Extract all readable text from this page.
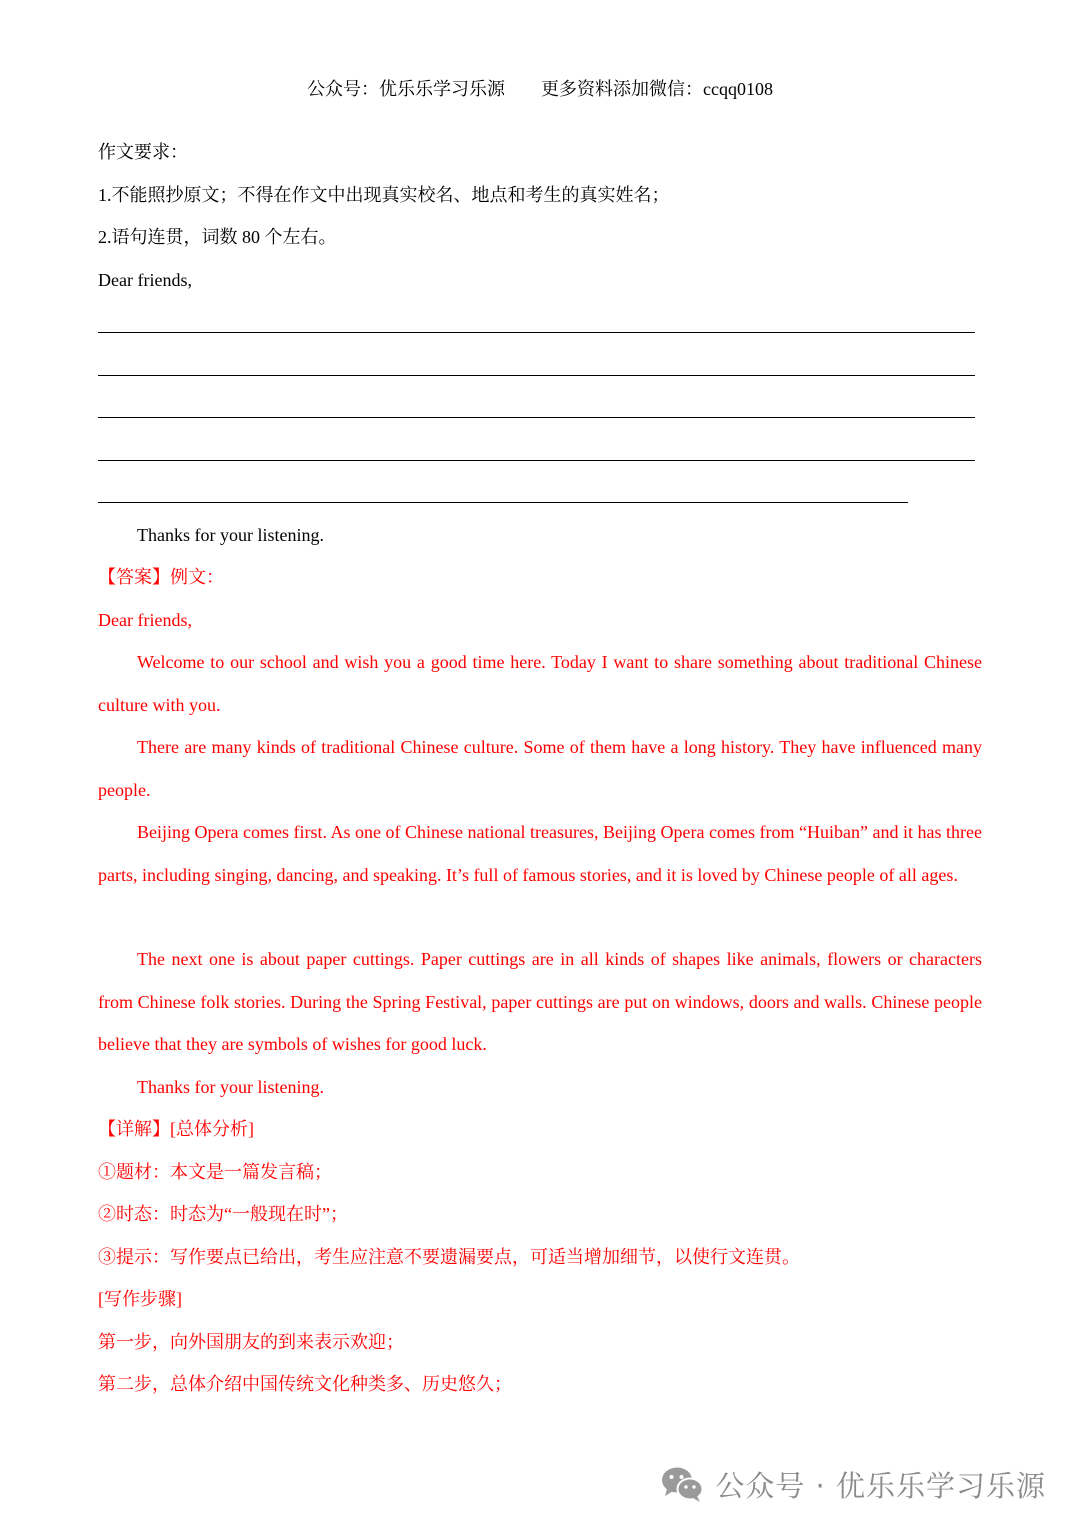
公众号：优乐乐学习乐源 更多资料添加微信：ccqq0108
作文要求：
1.不能照抄原文；不得在作文中出现真实校名、地点和考生的真实姓名；
2.语句连贯，词数 80 个左右。
Dear friends,
Thanks for your listening.
【答案】例文：
Dear friends,
Welcome to our school and wish you a good time here. Today I want to share something about traditional Chinese culture with you.
There are many kinds of traditional Chinese culture. Some of them have a long history. They have influenced many people.
Beijing Opera comes first. As one of Chinese national treasures, Beijing Opera comes from “Huiban” and it has three parts, including singing, dancing, and speaking. It’s full of famous stories, and it is loved by Chinese people of all ages.
The next one is about paper cuttings. Paper cuttings are in all kinds of shapes like animals, flowers or characters from Chinese folk stories. During the Spring Festival, paper cuttings are put on windows, doors and walls. Chinese people believe that they are symbols of wishes for good luck.
Thanks for your listening.
【详解】[总体分析]
①题材：本文是一篇发言稿；
②时态：时态为“一般现在时”；
③提示：写作要点已给出，考生应注意不要遗漏要点，可适当增加细节，以使行文连贯。
[写作步骤]
第一步，向外国朋友的到来表示欢迎；
第二步，总体介绍中国传统文化种类多、历史悠久；
公众号 · 优乐乐学习乐源
